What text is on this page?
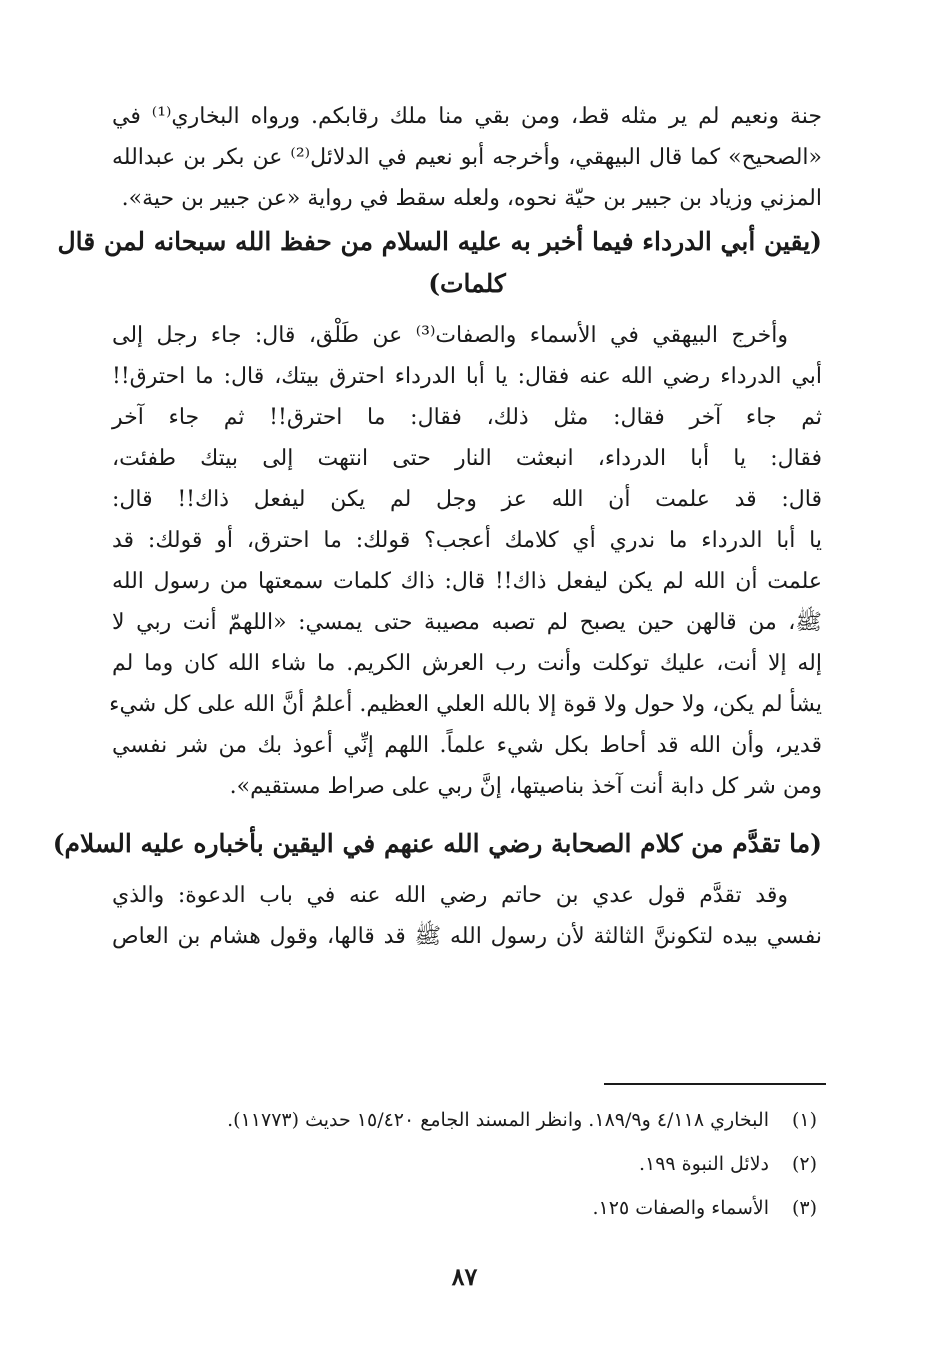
جنة ونعيم لم ير مثله قط، ومن بقي منا ملك رقابكم. ورواه البخاري⁽¹⁾ في
«الصحيح» كما قال البيهقي، وأخرجه أبو نعيم في الدلائل⁽²⁾ عن بكر بن عبدالله
المزني وزياد بن جبير بن حيّة نحوه، ولعله سقط في رواية «عن جبير بن حية».

(يقين أبي الدرداء فيما أخبر به عليه السلام من حفظ الله سبحانه لمن قال
كلمات)

وأخرج البيهقي في الأسماء والصفات⁽³⁾ عن طَلْق، قال: جاء رجل إلى
أبي الدرداء رضي الله عنه فقال: يا أبا الدرداء احترق بيتك، قال: ما احترق!!
ثم جاء آخر فقال: مثل ذلك، فقال: ما احترق!! ثم جاء آخر
فقال: يا أبا الدرداء، انبعثت النار حتى انتهت إلى بيتك طفئت،
قال: قد علمت أن الله عز وجل لم يكن ليفعل ذاك!! قال:
يا أبا الدرداء ما ندري أي كلامك أعجب؟ قولك: ما احترق، أو قولك: قد
علمت أن الله لم يكن ليفعل ذاك!! قال: ذاك كلمات سمعتها من رسول الله
ﷺ، من قالهن حين يصبح لم تصبه مصيبة حتى يمسي: «اللهمّ أنت ربي لا
إله إلا أنت، عليك توكلت وأنت رب العرش الكريم. ما شاء الله كان وما لم
يشأ لم يكن، ولا حول ولا قوة إلا بالله العلي العظيم. أعلمُ أنَّ الله على كل شيء
قدير، وأن الله قد أحاط بكل شيء علماً. اللهم إنِّي أعوذ بك من شر نفسي
ومن شر كل دابة أنت آخذ بناصيتها، إنَّ ربي على صراط مستقيم».

(ما تقدَّم من كلام الصحابة رضي الله عنهم في اليقين بأخباره عليه السلام)

وقد تقدَّم قول عدي بن حاتم رضي الله عنه في باب الدعوة: والذي
نفسي بيده لتكوننَّ الثالثة لأن رسول الله ﷺ قد قالها، وقول هشام بن العاص

(١)البخاري ٤/١١٨ و١٨٩/٩. وانظر المسند الجامع ١٥/٤٢٠ حديث (١١٧٧٣).
(٢)دلائل النبوة ١٩٩.
(٣)الأسماء والصفات ١٢٥.
٨٧
